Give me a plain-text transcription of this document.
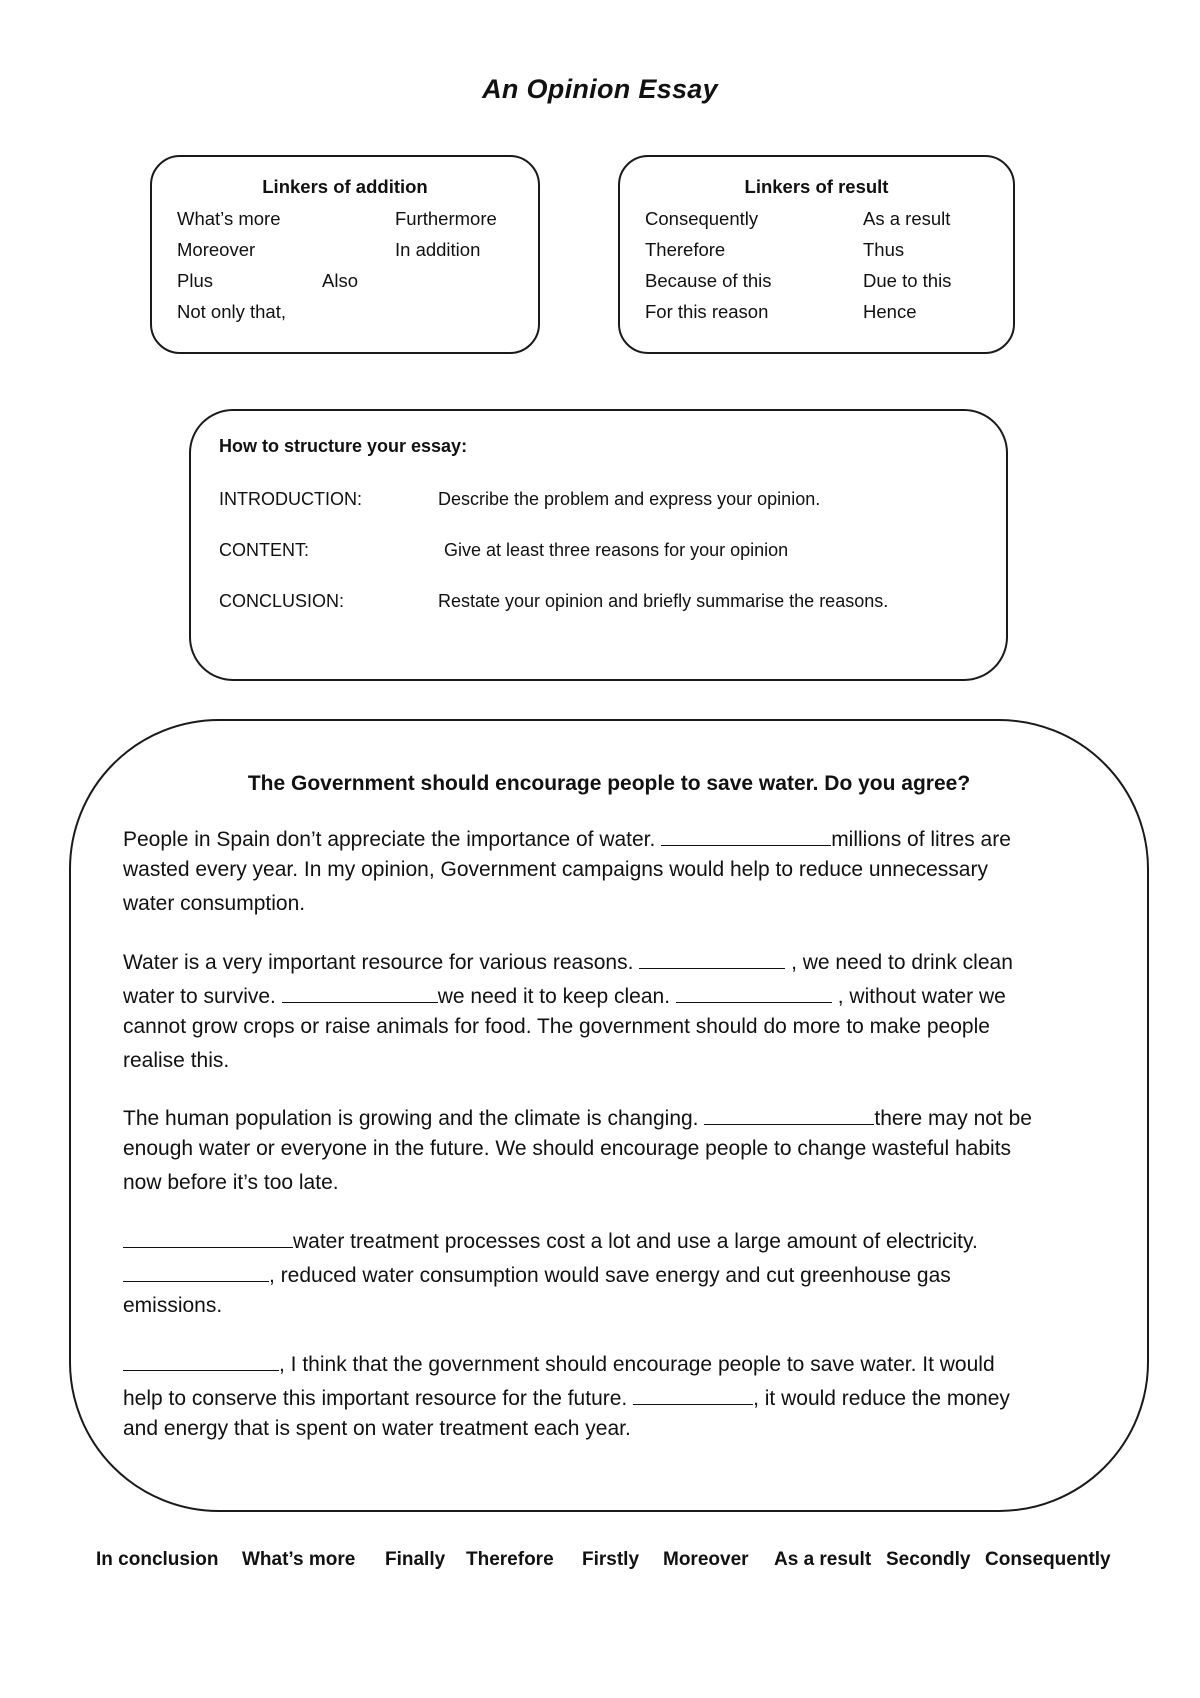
An Opinion Essay
Linkers of addition
What’s more	Furthermore
Moreover	In addition
Plus	Also
Not only that,
Linkers of result
Consequently	As a result
Therefore	Thus
Because of this	Due to this
For this reason	Hence
How to structure your essay:
INTRODUCTION:	Describe the problem and express your opinion.
CONTENT:	Give at least three reasons for your opinion
CONCLUSION:	Restate your opinion and briefly summarise the reasons.
The Government should encourage people to save water. Do you agree?
People in Spain don’t appreciate the importance of water.	millions of litres are
wasted every year. In my opinion, Government campaigns would help to reduce unnecessary
water consumption.
Water is a very important resource for various reasons.	, we need to drink clean
water to survive.	we need it to keep clean.	, without water we
cannot grow crops or raise animals for food. The government should do more to make people
realise this.
The human population is growing and the climate is changing.	there may not be
enough water or everyone in the future. We should encourage people to change wasteful habits
now before it’s too late.
water treatment processes cost a lot and use a large amount of electricity.
, reduced water consumption would save energy and cut greenhouse gas
emissions.
, I think that the government should encourage people to save water. It would
help to conserve this important resource for the future.	, it would reduce the money
and energy that is spent on water treatment each year.
In conclusion What’s more Finally Therefore Firstly Moreover As a result Secondly Consequently
